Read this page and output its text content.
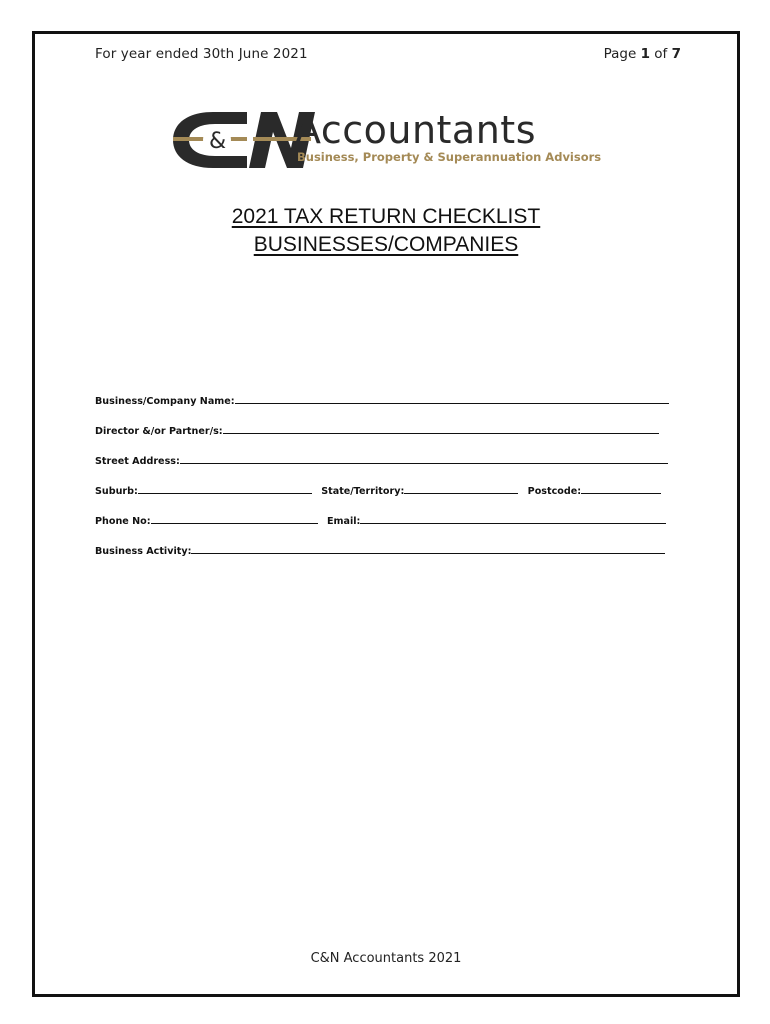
For year ended 30th June 2021	Page 1 of 7
& Accountants
Business, Property & Superannuation Advisors
2021 TAX RETURN CHECKLIST
BUSINESSES/COMPANIES
Business/Company Name:
Director &/or Partner/s:
Street Address:
Suburb:	State/Territory:	Postcode:
Phone No:	Email:
Business Activity:
C&N Accountants 2021
